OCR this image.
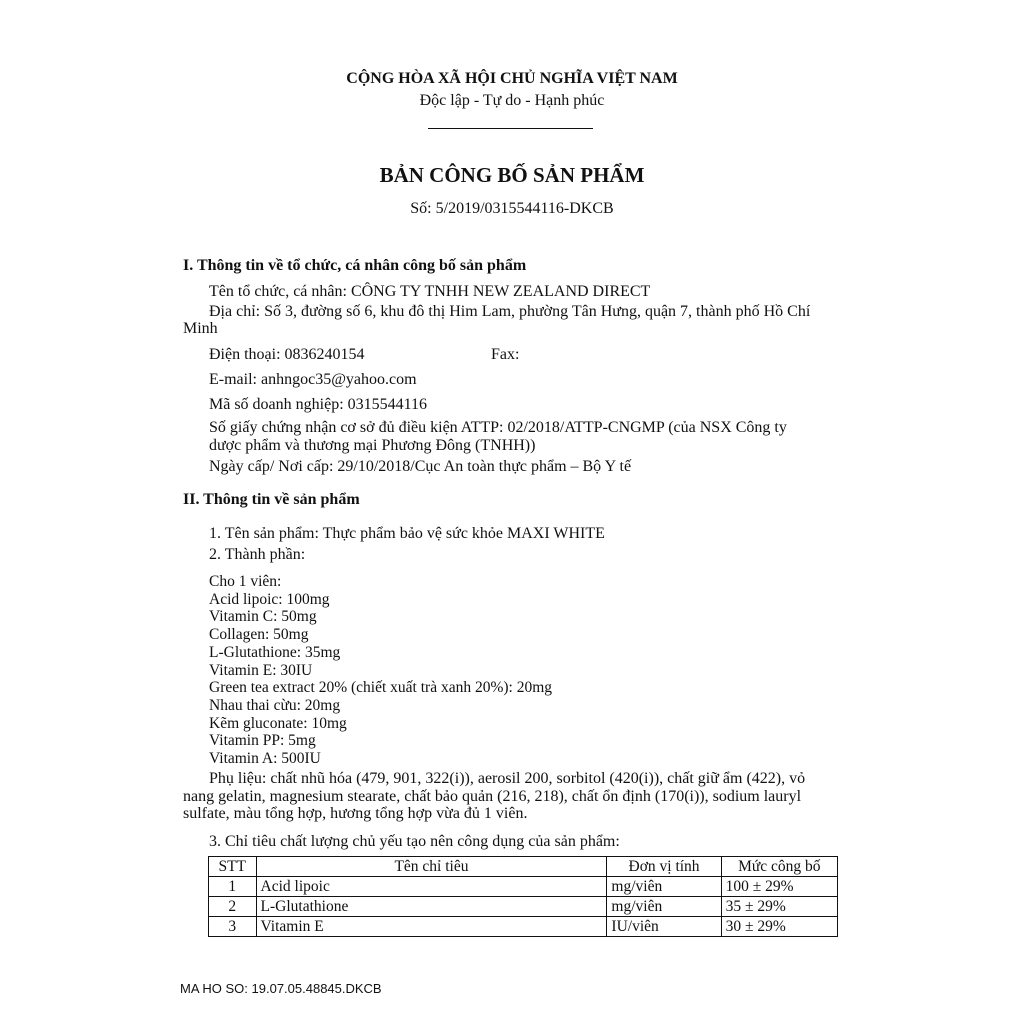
CỘNG HÒA XÃ HỘI CHỦ NGHĨA VIỆT NAM
Độc lập - Tự do - Hạnh phúc
BẢN CÔNG BỐ SẢN PHẨM
Số: 5/2019/0315544116-DKCB
I. Thông tin về tổ chức, cá nhân công bố sản phẩm
Tên tổ chức, cá nhân: CÔNG TY TNHH NEW ZEALAND DIRECT
Địa chỉ: Số 3, đường số 6, khu đô thị Him Lam, phường Tân Hưng, quận 7, thành phố Hồ Chí
Minh
Điện thoại: 0836240154	Fax:
E-mail: anhngoc35@yahoo.com
Mã số doanh nghiệp: 0315544116
Số giấy chứng nhận cơ sở đủ điều kiện ATTP: 02/2018/ATTP-CNGMP (của NSX Công ty
dược phẩm và thương mại Phương Đông (TNHH))
Ngày cấp/ Nơi cấp: 29/10/2018/Cục An toàn thực phẩm – Bộ Y tế
II. Thông tin về sản phẩm
1. Tên sản phẩm: Thực phẩm bảo vệ sức khỏe MAXI WHITE
2. Thành phần:
Cho 1 viên:
Acid lipoic: 100mg
Vitamin C: 50mg
Collagen: 50mg
L-Glutathione: 35mg
Vitamin E: 30IU
Green tea extract 20% (chiết xuất trà xanh 20%): 20mg
Nhau thai cừu: 20mg
Kẽm gluconate: 10mg
Vitamin PP: 5mg
Vitamin A: 500IU
Phụ liệu: chất nhũ hóa (479, 901, 322(i)), aerosil 200, sorbitol (420(i)), chất giữ ẩm (422), vỏ
nang gelatin, magnesium stearate, chất bảo quản (216, 218), chất ổn định (170(i)), sodium lauryl
sulfate, màu tổng hợp, hương tổng hợp vừa đủ 1 viên.
3. Chỉ tiêu chất lượng chủ yếu tạo nên công dụng của sản phẩm:
STT	Tên chỉ tiêu	Đơn vị tính	Mức công bố
1	Acid lipoic	mg/viên	100 ± 29%
2	L-Glutathione	mg/viên	35 ± 29%
3	Vitamin E	IU/viên	30 ± 29%
MA HO SO: 19.07.05.48845.DKCB
